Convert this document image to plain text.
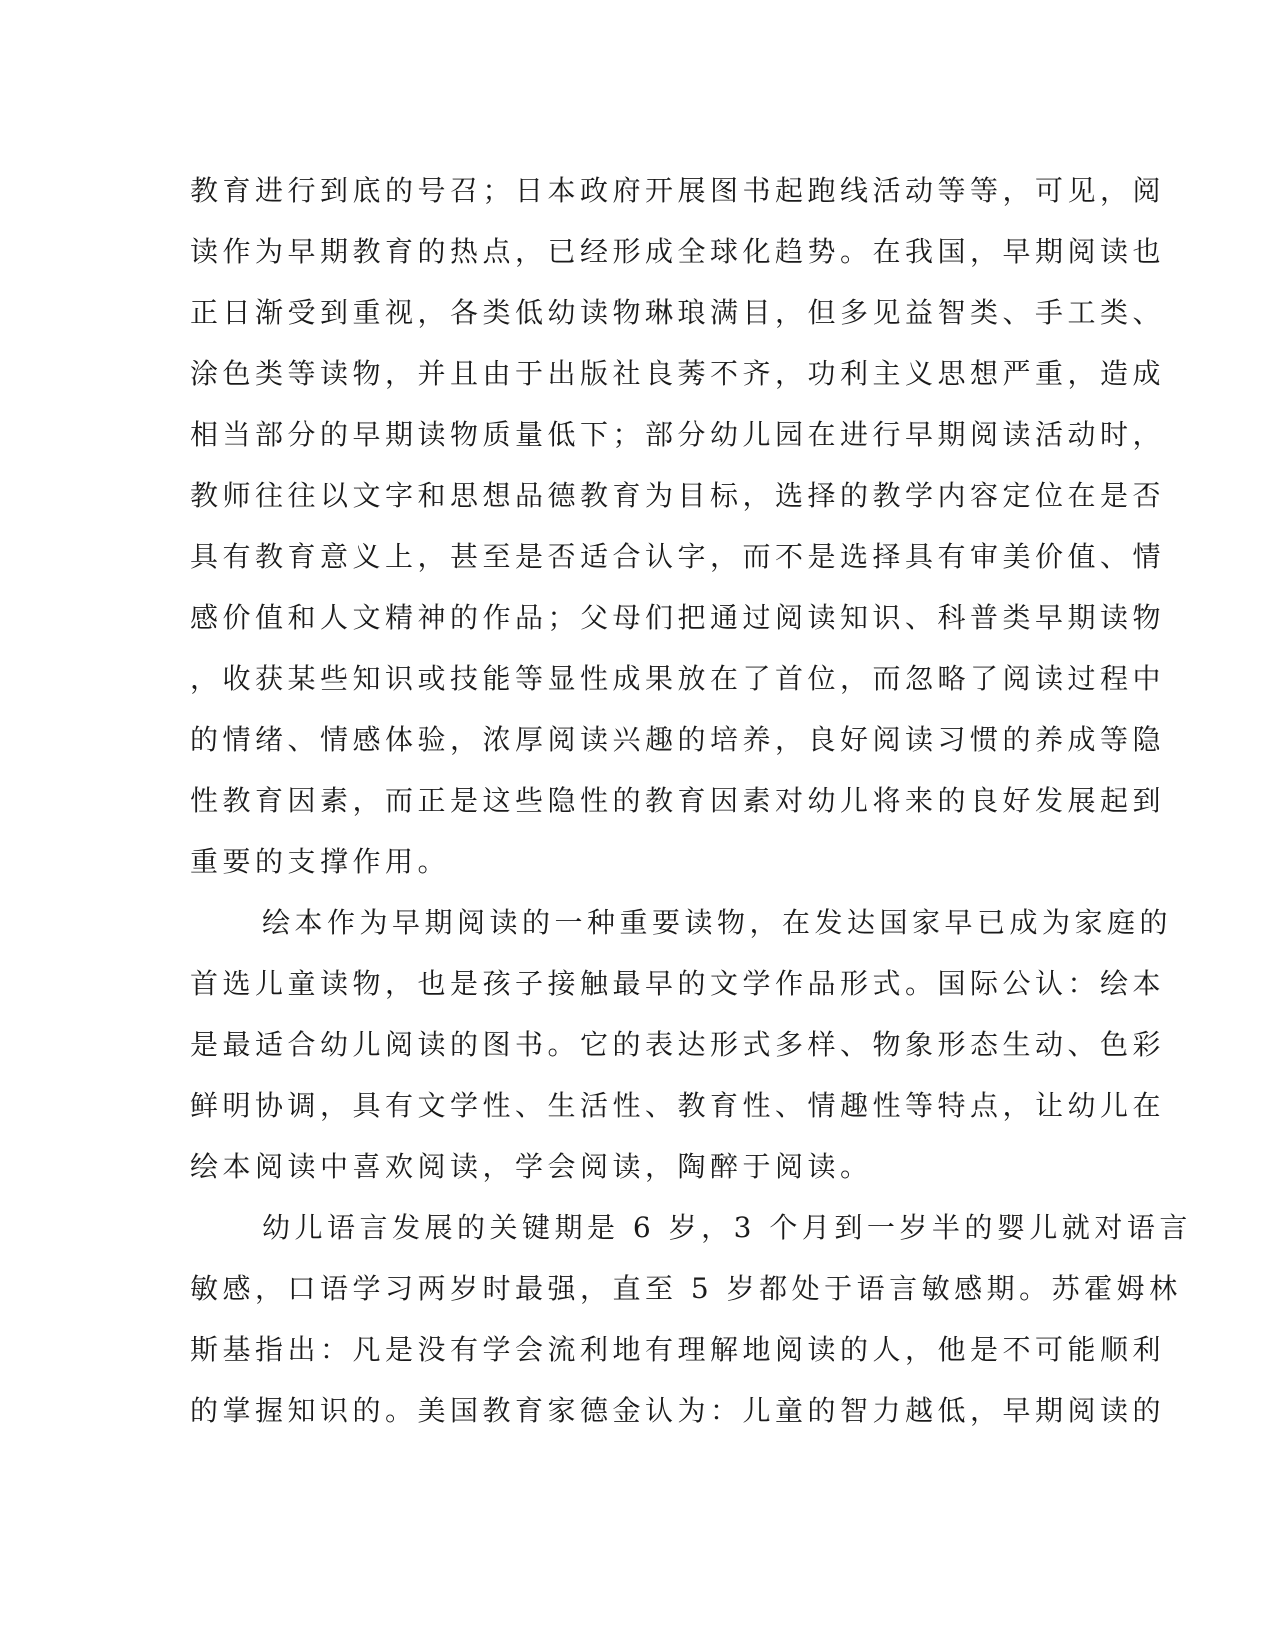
教育进行到底的号召；日本政府开展图书起跑线活动等等，可见，阅
读作为早期教育的热点，已经形成全球化趋势。在我国，早期阅读也
正日渐受到重视，各类低幼读物琳琅满目，但多见益智类、手工类、
涂色类等读物，并且由于出版社良莠不齐，功利主义思想严重，造成
相当部分的早期读物质量低下；部分幼儿园在进行早期阅读活动时，
教师往往以文字和思想品德教育为目标，选择的教学内容定位在是否
具有教育意义上，甚至是否适合认字，而不是选择具有审美价值、情
感价值和人文精神的作品；父母们把通过阅读知识、科普类早期读物
，收获某些知识或技能等显性成果放在了首位，而忽略了阅读过程中
的情绪、情感体验，浓厚阅读兴趣的培养，良好阅读习惯的养成等隐
性教育因素，而正是这些隐性的教育因素对幼儿将来的良好发展起到
重要的支撑作用。
绘本作为早期阅读的一种重要读物，在发达国家早已成为家庭的
首选儿童读物，也是孩子接触最早的文学作品形式。国际公认：绘本
是最适合幼儿阅读的图书。它的表达形式多样、物象形态生动、色彩
鲜明协调，具有文学性、生活性、教育性、情趣性等特点，让幼儿在
绘本阅读中喜欢阅读，学会阅读，陶醉于阅读。
幼儿语言发展的关键期是 6 岁，3 个月到一岁半的婴儿就对语言
敏感，口语学习两岁时最强，直至 5 岁都处于语言敏感期。苏霍姆林
斯基指出：凡是没有学会流利地有理解地阅读的人，他是不可能顺利
的掌握知识的。美国教育家德金认为：儿童的智力越低，早期阅读的
